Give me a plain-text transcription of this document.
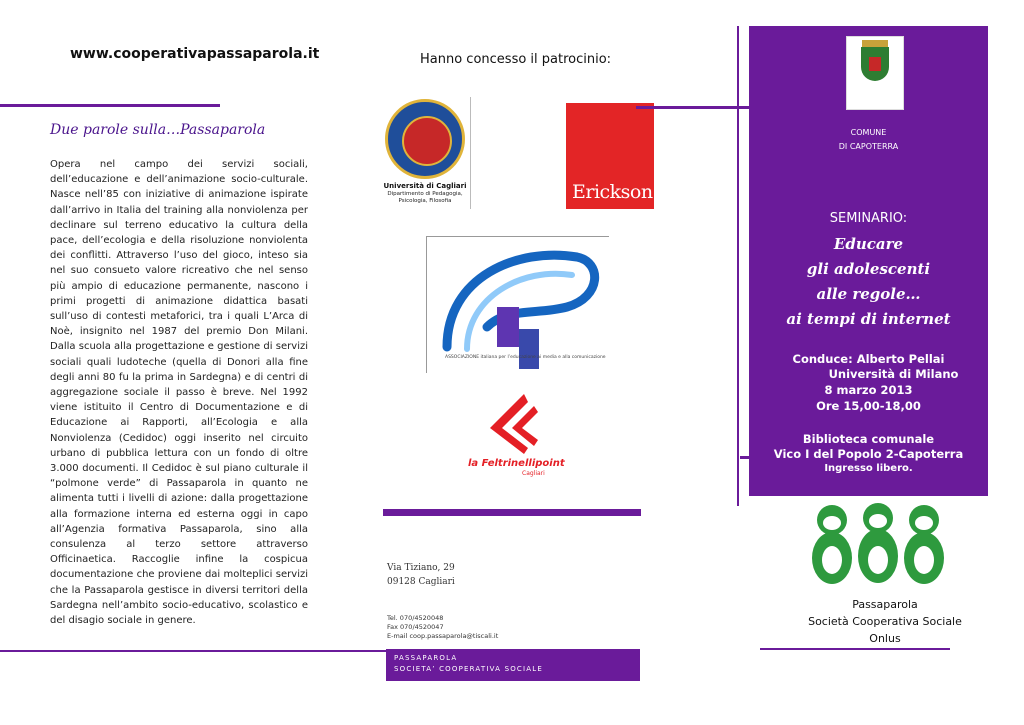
www.cooperativapassaparola.it
Due parole sulla…Passaparola
Opera nel campo dei servizi sociali, dell’educazione e dell’animazione socio-culturale. Nasce nell’85 con iniziative di animazione ispirate dall’arrivo in Italia del training alla nonviolenza per declinare sul terreno educativo la cultura della pace, dell’ecologia e della risoluzione nonviolenta dei conflitti. Attraverso l’uso del gioco, inteso sia nel suo consueto valore ricreativo che nel senso più ampio di educazione permanente, nascono i primi progetti di animazione didattica basati sull’uso di contesti metaforici, tra i quali L’Arca di Noè, insignito nel 1987 del premio Don Milani. Dalla scuola alla progettazione e gestione di servizi sociali quali ludoteche (quella di Donori alla fine degli anni 80 fu la prima in Sardegna) e di centri di aggregazione sociale il passo è breve. Nel 1992 viene istituito il Centro di Documentazione e di Educazione ai Rapporti, all’Ecologia e alla Nonviolenza (Cedidoc) oggi inserito nel circuito urbano di pubblica lettura con un fondo di oltre 3.000 documenti. Il Cedidoc è sul piano culturale il “polmone verde” di Passaparola in quanto ne alimenta tutti i livelli di azione: dalla progettazione alla formazione interna ed esterna oggi in capo all’Agenzia formativa Passaparola, sino alla consulenza al terzo settore attraverso Officinaetica. Raccoglie infine la cospicua documentazione che proviene dai molteplici servizi che la Passaparola gestisce in diversi territori della Sardegna nell’ambito socio-educativo, scolastico e del disagio sociale in genere.
Hanno concesso il patrocinio:
Università di Cagliari
Dipartimento di Pedagogia, Psicologia, Filosofia	Erickson
ASSOCIAZIONE italiana per l’educazione ai media e alla comunicazione
la Feltrinellipoint
Cagliari
Via Tiziano, 29
09128 Cagliari
Tel. 070/4520048
Fax 070/4520047
E-mail coop.passaparola@tiscali.it
PASSAPAROLA
SOCIETA’ COOPERATIVA SOCIALE
COMUNE
DI CAPOTERRA
SEMINARIO:
Educare
gli adolescenti
alle regole…
ai tempi di internet
Conduce: Alberto Pellai
Università di Milano
8 marzo 2013
Ore 15,00-18,00
Biblioteca comunale
Vico I del Popolo 2-Capoterra
Ingresso libero.
Passaparola
Società Cooperativa Sociale
Onlus
